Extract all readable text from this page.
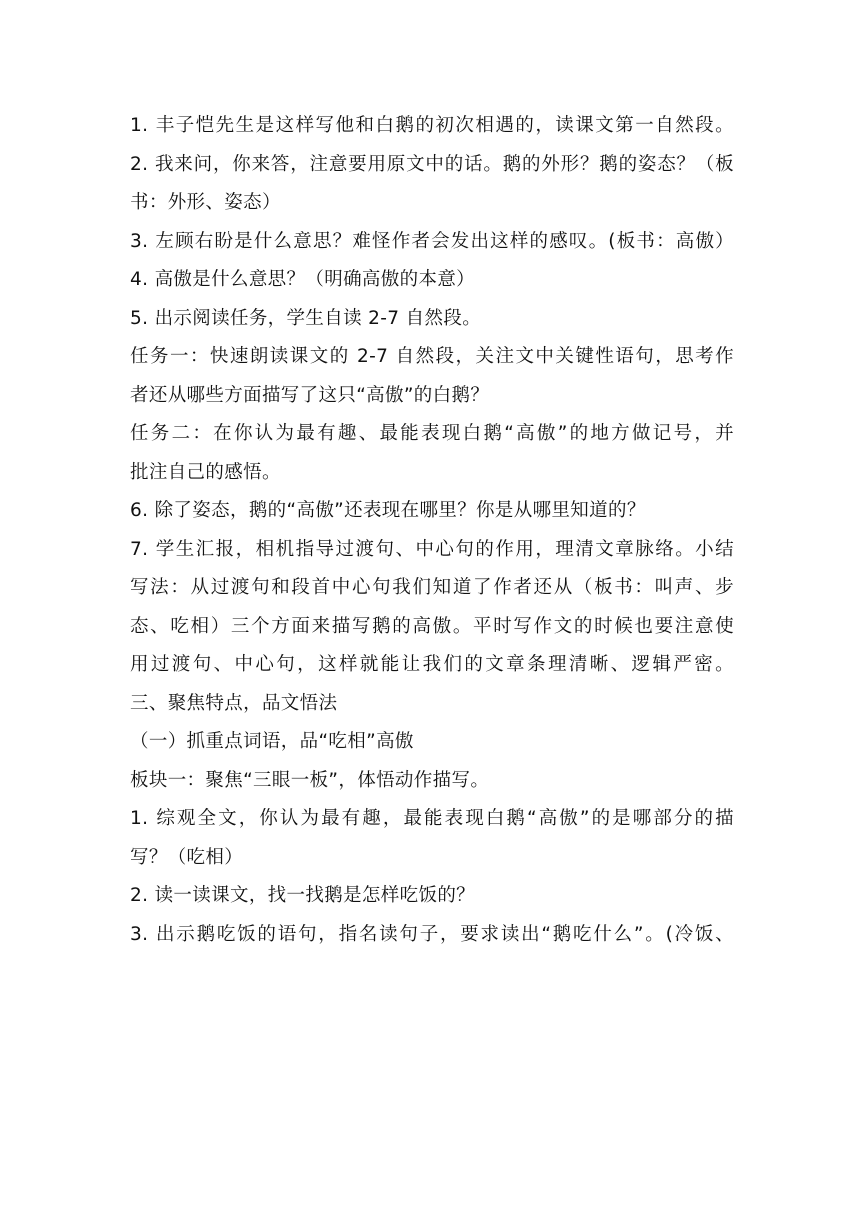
1. 丰子恺先生是这样写他和白鹅的初次相遇的，读课文第一自然段。
2. 我来问，你来答，注意要用原文中的话。鹅的外形？鹅的姿态？（板
书：外形、姿态）
3. 左顾右盼是什么意思？难怪作者会发出这样的感叹。(板书：高傲）
4. 高傲是什么意思？（明确高傲的本意）
5. 出示阅读任务，学生自读 2-7 自然段。
任务一：快速朗读课文的 2-7 自然段，关注文中关键性语句，思考作
者还从哪些方面描写了这只“高傲”的白鹅？
任务二：在你认为最有趣、最能表现白鹅“高傲”的地方做记号，并
批注自己的感悟。
6. 除了姿态，鹅的“高傲”还表现在哪里？你是从哪里知道的？
7. 学生汇报，相机指导过渡句、中心句的作用，理清文章脉络。小结
写法：从过渡句和段首中心句我们知道了作者还从（板书：叫声、步
态、吃相）三个方面来描写鹅的高傲。平时写作文的时候也要注意使
用过渡句、中心句，这样就能让我们的文章条理清晰、逻辑严密。
三、聚焦特点，品文悟法
（一）抓重点词语，品“吃相”高傲
板块一：聚焦“三眼一板”，体悟动作描写。
1. 综观全文，你认为最有趣，最能表现白鹅“高傲”的是哪部分的描
写？（吃相）
2. 读一读课文，找一找鹅是怎样吃饭的？
3. 出示鹅吃饭的语句，指名读句子，要求读出“鹅吃什么”。(冷饭、
